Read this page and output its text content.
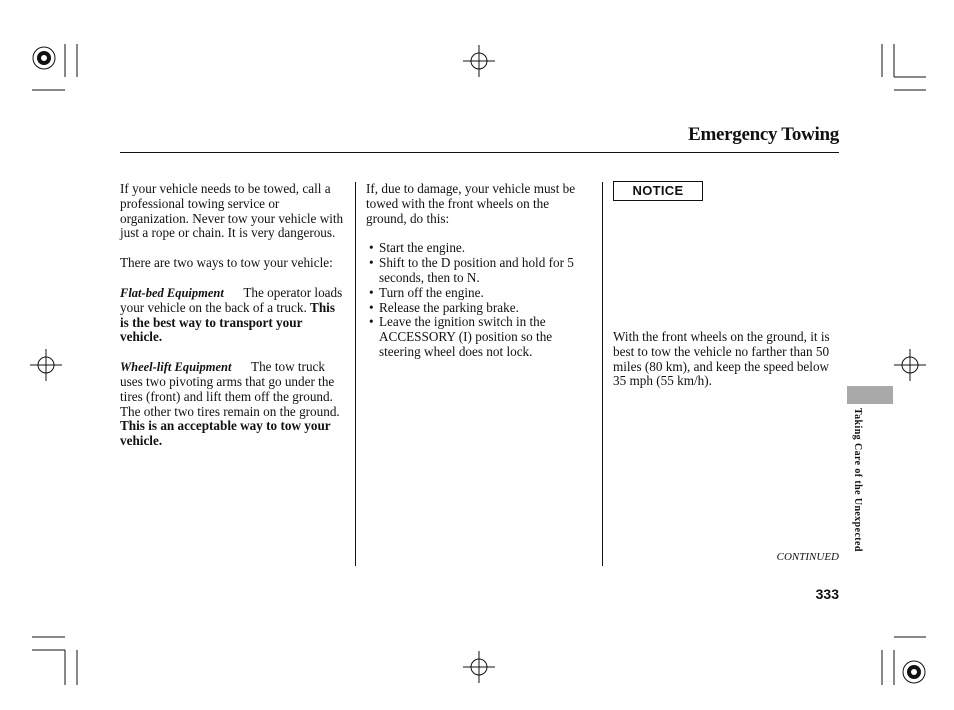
Emergency Towing

If your vehicle needs to be towed, call a professional towing service or organization. Never tow your vehicle with just a rope or chain. It is very dangerous.

There are two ways to tow your vehicle:

Flat-bed Equipment The operator loads your vehicle on the back of a truck. This is the best way to transport your vehicle.

Wheel-lift Equipment The tow truck uses two pivoting arms that go under the tires (front) and lift them off the ground. The other two tires remain on the ground. This is an acceptable way to tow your vehicle.

If, due to damage, your vehicle must be towed with the front wheels on the ground, do this:

• Start the engine.
• Shift to the D position and hold for 5 seconds, then to N.
• Turn off the engine.
• Release the parking brake.
• Leave the ignition switch in the ACCESSORY (I) position so the steering wheel does not lock.
NOTICE
With the front wheels on the ground, it is best to tow the vehicle no farther than 50 miles (80 km), and keep the speed below 35 mph (55 km/h).
Taking Care of the Unexpected
CONTINUED
333
